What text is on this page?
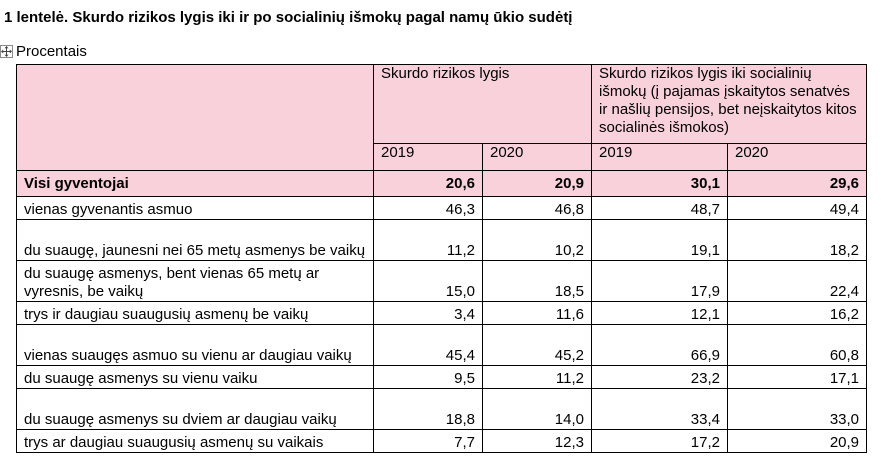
1 lentelė. Skurdo rizikos lygis iki ir po socialinių išmokų pagal namų ūkio sudėtį
Procentais
	Skurdo rizikos lygis		Skurdo rizikos lygis iki socialinių išmokų (į pajamas įskaitytos senatvės ir našlių pensijos, bet neįskaitytos kitos socialinės išmokos)	
	2019	2020	2019	2020
Visi gyventojai	20,6	20,9	30,1	29,6
vienas gyvenantis asmuo	46,3	46,8	48,7	49,4
du suaugę, jaunesni nei 65 metų asmenys be vaikų	11,2	10,2	19,1	18,2
du suaugę asmenys, bent vienas 65 metų ar vyresnis, be vaikų	15,0	18,5	17,9	22,4
trys ir daugiau suaugusių asmenų be vaikų	3,4	11,6	12,1	16,2
vienas suaugęs asmuo su vienu ar daugiau vaikų	45,4	45,2	66,9	60,8
du suaugę asmenys su vienu vaiku	9,5	11,2	23,2	17,1
du suaugę asmenys su dviem ar daugiau vaikų	18,8	14,0	33,4	33,0
trys ar daugiau suaugusių asmenų su vaikais	7,7	12,3	17,2	20,9
